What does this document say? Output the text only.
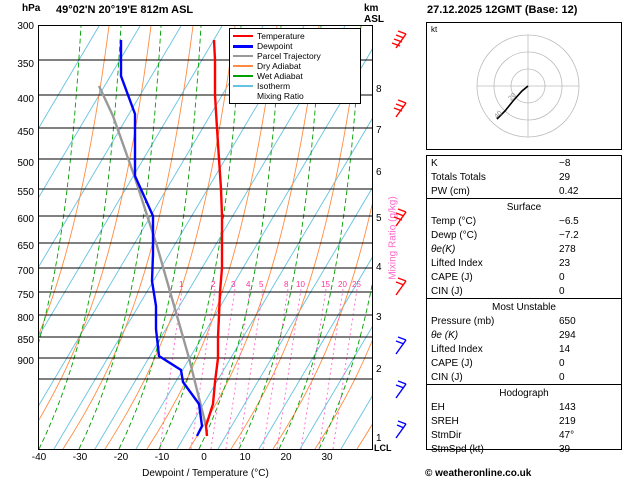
hPa 49°02'N 20°19'E 812m ASL	km
ASL
300
350
400
450
500
550
600
650
700
750
800
850
900
8
7
6
5
4
3
2
1
LCL
-40	-30	-20	-10	0	10	20	30
Dewpoint / Temperature (°C)
Mixing Ratio (g/kg)
1	2 3 4 5	8 10 15 20 25
Temperature
Dewpoint
Parcel Trajectory
Dry Adiabat
Wet Adiabat
Isotherm
Mixing Ratio
27.12.2025 12GMT (Base: 12)
kt
20
40
K	−8
Totals Totals	29
PW (cm)	0.42

Surface	
Temp (°C)	−6.5
Dewp (°C)	−7.2
θe(K)	278
Lifted Index	23
CAPE (J)	0
CIN (J)	0

Most Unstable	
Pressure (mb)	650
θe (K)	294
Lifted Index	14
CAPE (J)	0
CIN (J)	0

Hodograph	
EH	143
SREH	219
StmDir	47°
StmSpd (kt)	39
© weatheronline.co.uk
